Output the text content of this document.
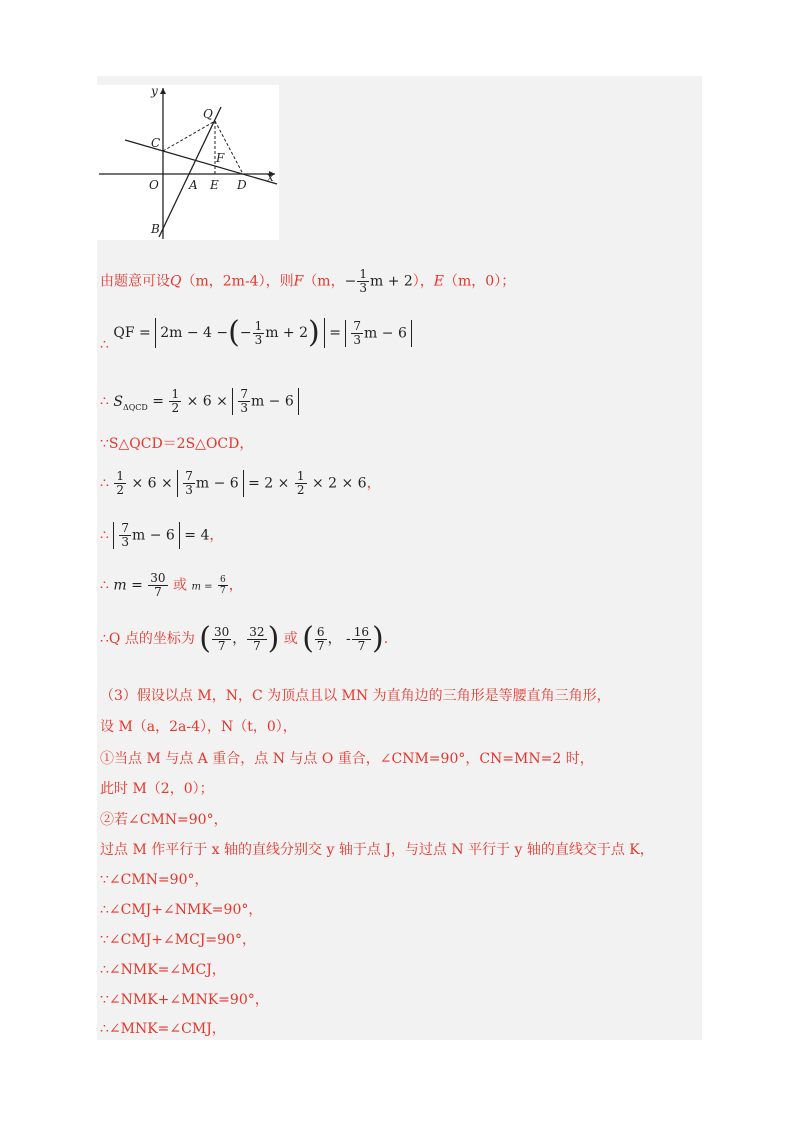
y
x
Q
C
F
O	A E D
B
由题意可设Q（m，2m-4），则F（m，− $\frac{1}{3}$ m + 2），E（m，0）；
∴ QF = 2m − 4 −(− $\frac{1}{3}$ $m + 2) = \frac{7}{3}$ m − 6
∴ $S_{\Delta QCD} = \frac{1}{2} \times 6 \times \frac{7}{3}$ m − 6
∵S△QCD＝2S△OCD，
∴ $\frac{1}{2} \times 6 \times \frac{7}{3}$ $m - 6 = 2 \times \frac{1}{2} \times 2 \times 6$，
∴ $\frac{7}{3}$ m − 6 = 4，
∴ $m = \frac{30}{7}$ 或 $m = \frac{6}{7}$ ，
∴Q 点的坐标为 ( $\frac{30}{7}$ ， $\frac{32}{7}$ ) 或 ( $\frac{6}{7}$ ， - $\frac{16}{7}$ ).
（3）假设以点 M，N，C 为顶点且以 MN 为直角边的三角形是等腰直角三角形，
设 M（a，2a-4），N（t，0），
①当点 M 与点 A 重合，点 N 与点 O 重合，∠CNM=90°，CN=MN=2 时，
此时 M（2，0）；
②若∠CMN=90°，
过点 M 作平行于 x 轴的直线分别交 y 轴于点 J，与过点 N 平行于 y 轴的直线交于点 K，
∵∠CMN=90°，
∴∠CMJ+∠NMK=90°，
∵∠CMJ+∠MCJ=90°，
∴∠NMK=∠MCJ，
∵∠NMK+∠MNK=90°，
∴∠MNK=∠CMJ，
